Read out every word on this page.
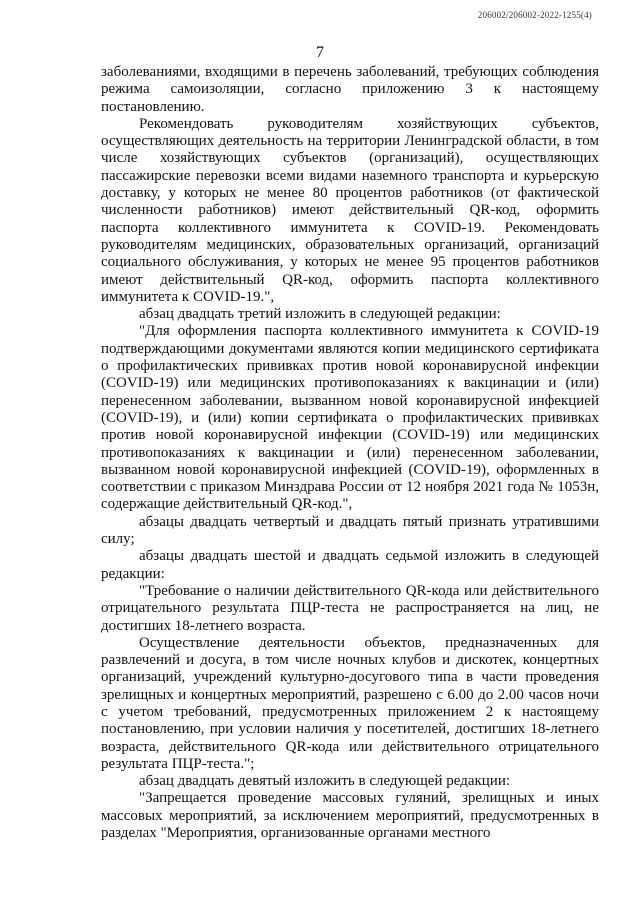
206002/206002-2022-1255(4)
7

заболеваниями, входящими в перечень заболеваний, требующих соблюдения режима самоизоляции, согласно приложению 3 к настоящему постановлению.

Рекомендовать руководителям хозяйствующих субъектов, осуществляющих деятельность на территории Ленинградской области, в том числе хозяйствующих субъектов (организаций), осуществляющих пассажирские перевозки всеми видами наземного транспорта и курьерскую доставку, у которых не менее 80 процентов работников (от фактической численности работников) имеют действительный QR-код, оформить паспорта коллективного иммунитета к COVID-19. Рекомендовать руководителям медицинских, образовательных организаций, организаций социального обслуживания, у которых не менее 95 процентов работников имеют действительный QR-код, оформить паспорта коллективного иммунитета к COVID-19.",

абзац двадцать третий изложить в следующей редакции:

"Для оформления паспорта коллективного иммунитета к COVID-19 подтверждающими документами являются копии медицинского сертификата о профилактических прививках против новой коронавирусной инфекции (COVID-19) или медицинских противопоказаниях к вакцинации и (или) перенесенном заболевании, вызванном новой коронавирусной инфекцией (COVID-19), и (или) копии сертификата о профилактических прививках против новой коронавирусной инфекции (COVID-19) или медицинских противопоказаниях к вакцинации и (или) перенесенном заболевании, вызванном новой коронавирусной инфекцией (COVID-19), оформленных в соответствии с приказом Минздрава России от 12 ноября 2021 года № 1053н, содержащие действительный QR-код.",

абзацы двадцать четвертый и двадцать пятый признать утратившими силу;

абзацы двадцать шестой и двадцать седьмой изложить в следующей редакции:

"Требование о наличии действительного QR-кода или действительного отрицательного результата ПЦР-теста не распространяется на лиц, не достигших 18-летнего возраста.

Осуществление деятельности объектов, предназначенных для развлечений и досуга, в том числе ночных клубов и дискотек, концертных организаций, учреждений культурно-досугового типа в части проведения зрелищных и концертных мероприятий, разрешено с 6.00 до 2.00 часов ночи с учетом требований, предусмотренных приложением 2 к настоящему постановлению, при условии наличия у посетителей, достигших 18-летнего возраста, действительного QR-кода или действительного отрицательного результата ПЦР-теста.";

абзац двадцать девятый изложить в следующей редакции:

"Запрещается проведение массовых гуляний, зрелищных и иных массовых мероприятий, за исключением мероприятий, предусмотренных в разделах "Мероприятия, организованные органами местного
